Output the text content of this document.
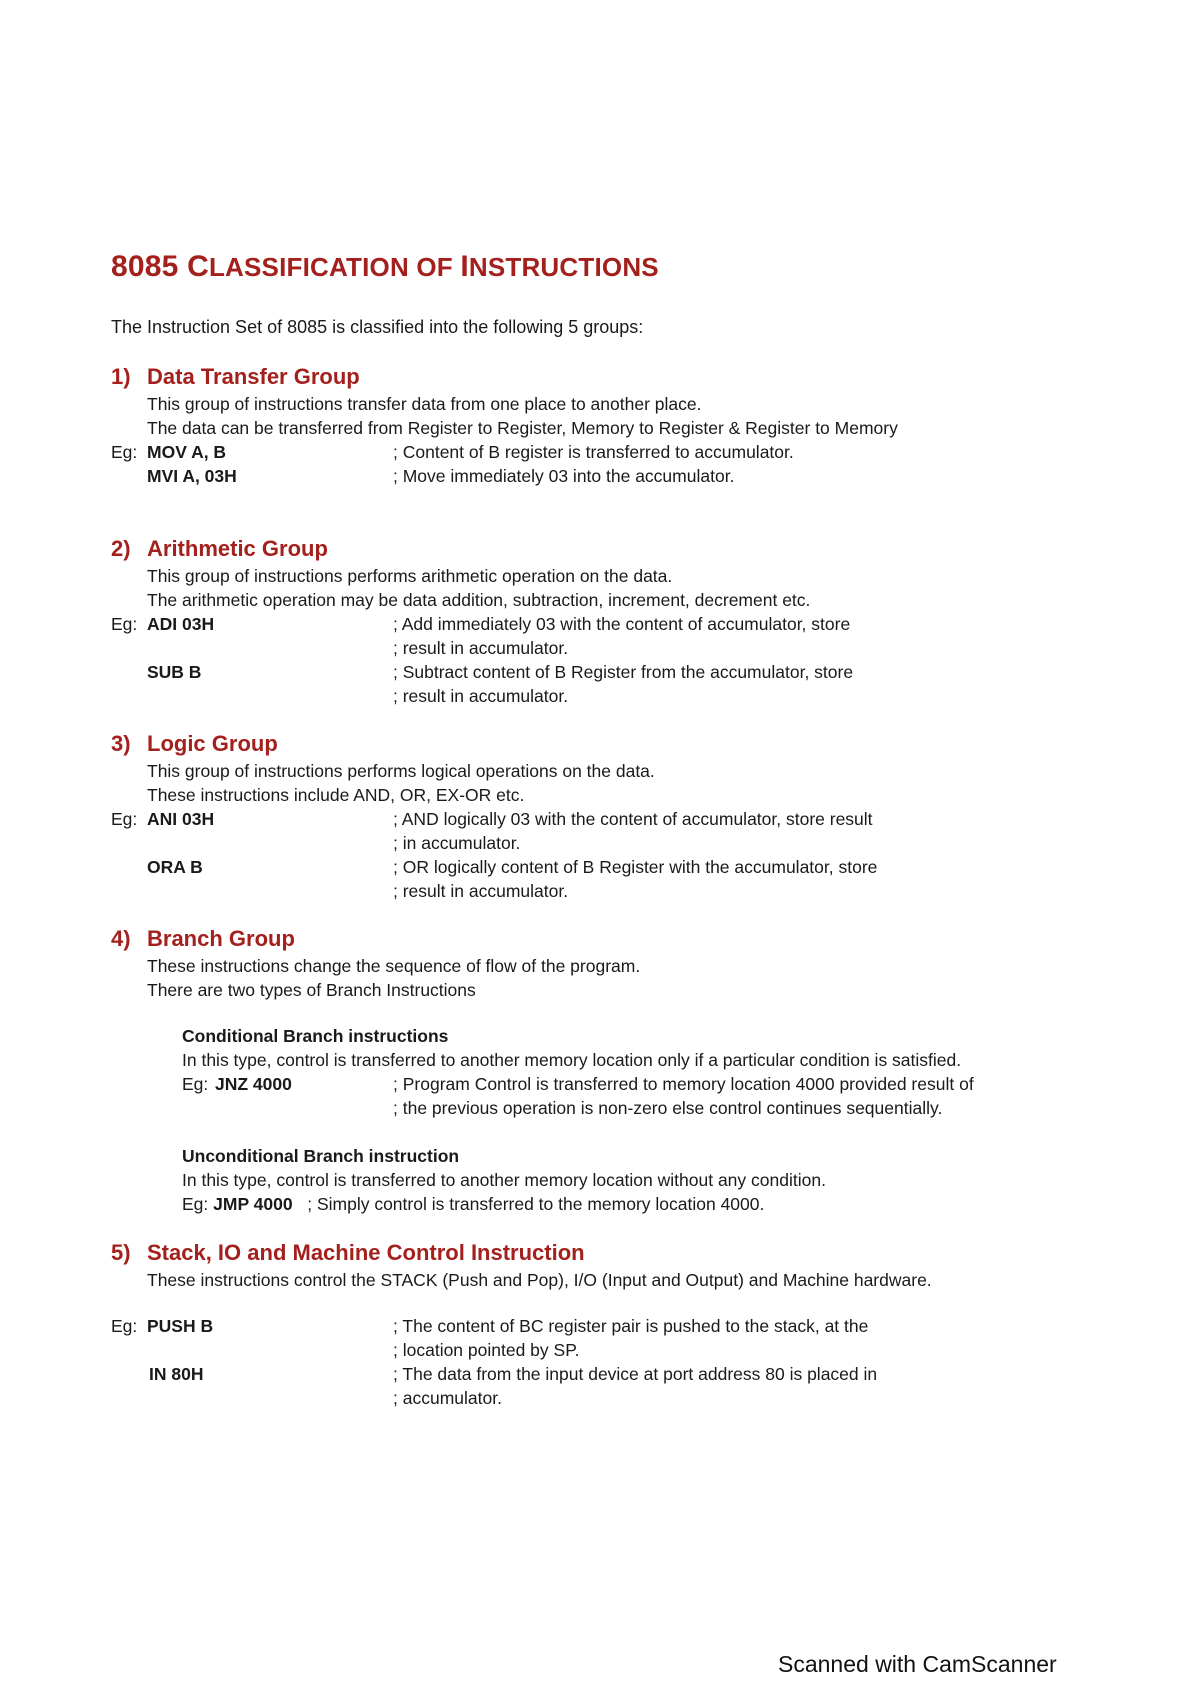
8085 CLASSIFICATION OF INSTRUCTIONS
The Instruction Set of 8085 is classified into the following 5 groups:
1) Data Transfer Group
This group of instructions transfer data from one place to another place.
The data can be transferred from Register to Register, Memory to Register & Register to Memory
Eg: MOV A, B	; Content of B register is transferred to accumulator.
MVI A, 03H	; Move immediately 03 into the accumulator.
2) Arithmetic Group
This group of instructions performs arithmetic operation on the data.
The arithmetic operation may be data addition, subtraction, increment, decrement etc.
Eg: ADI 03H	; Add immediately 03 with the content of accumulator, store
; result in accumulator.
SUB B	; Subtract content of B Register from the accumulator, store
; result in accumulator.
3) Logic Group
This group of instructions performs logical operations on the data.
These instructions include AND, OR, EX-OR etc.
Eg: ANI 03H	; AND logically 03 with the content of accumulator, store result
; in accumulator.
ORA B	; OR logically content of B Register with the accumulator, store
; result in accumulator.
4) Branch Group
These instructions change the sequence of flow of the program.
There are two types of Branch Instructions
Conditional Branch instructions
In this type, control is transferred to another memory location only if a particular condition is satisfied.
Eg: JNZ 4000	; Program Control is transferred to memory location 4000 provided result of
; the previous operation is non-zero else control continues sequentially.
Unconditional Branch instruction
In this type, control is transferred to another memory location without any condition.
Eg: JMP 4000 ; Simply control is transferred to the memory location 4000.
5) Stack, IO and Machine Control Instruction
These instructions control the STACK (Push and Pop), I/O (Input and Output) and Machine hardware.
Eg: PUSH B	; The content of BC register pair is pushed to the stack, at the
; location pointed by SP.
IN 80H	; The data from the input device at port address 80 is placed in
; accumulator.
Scanned with CamScanner
